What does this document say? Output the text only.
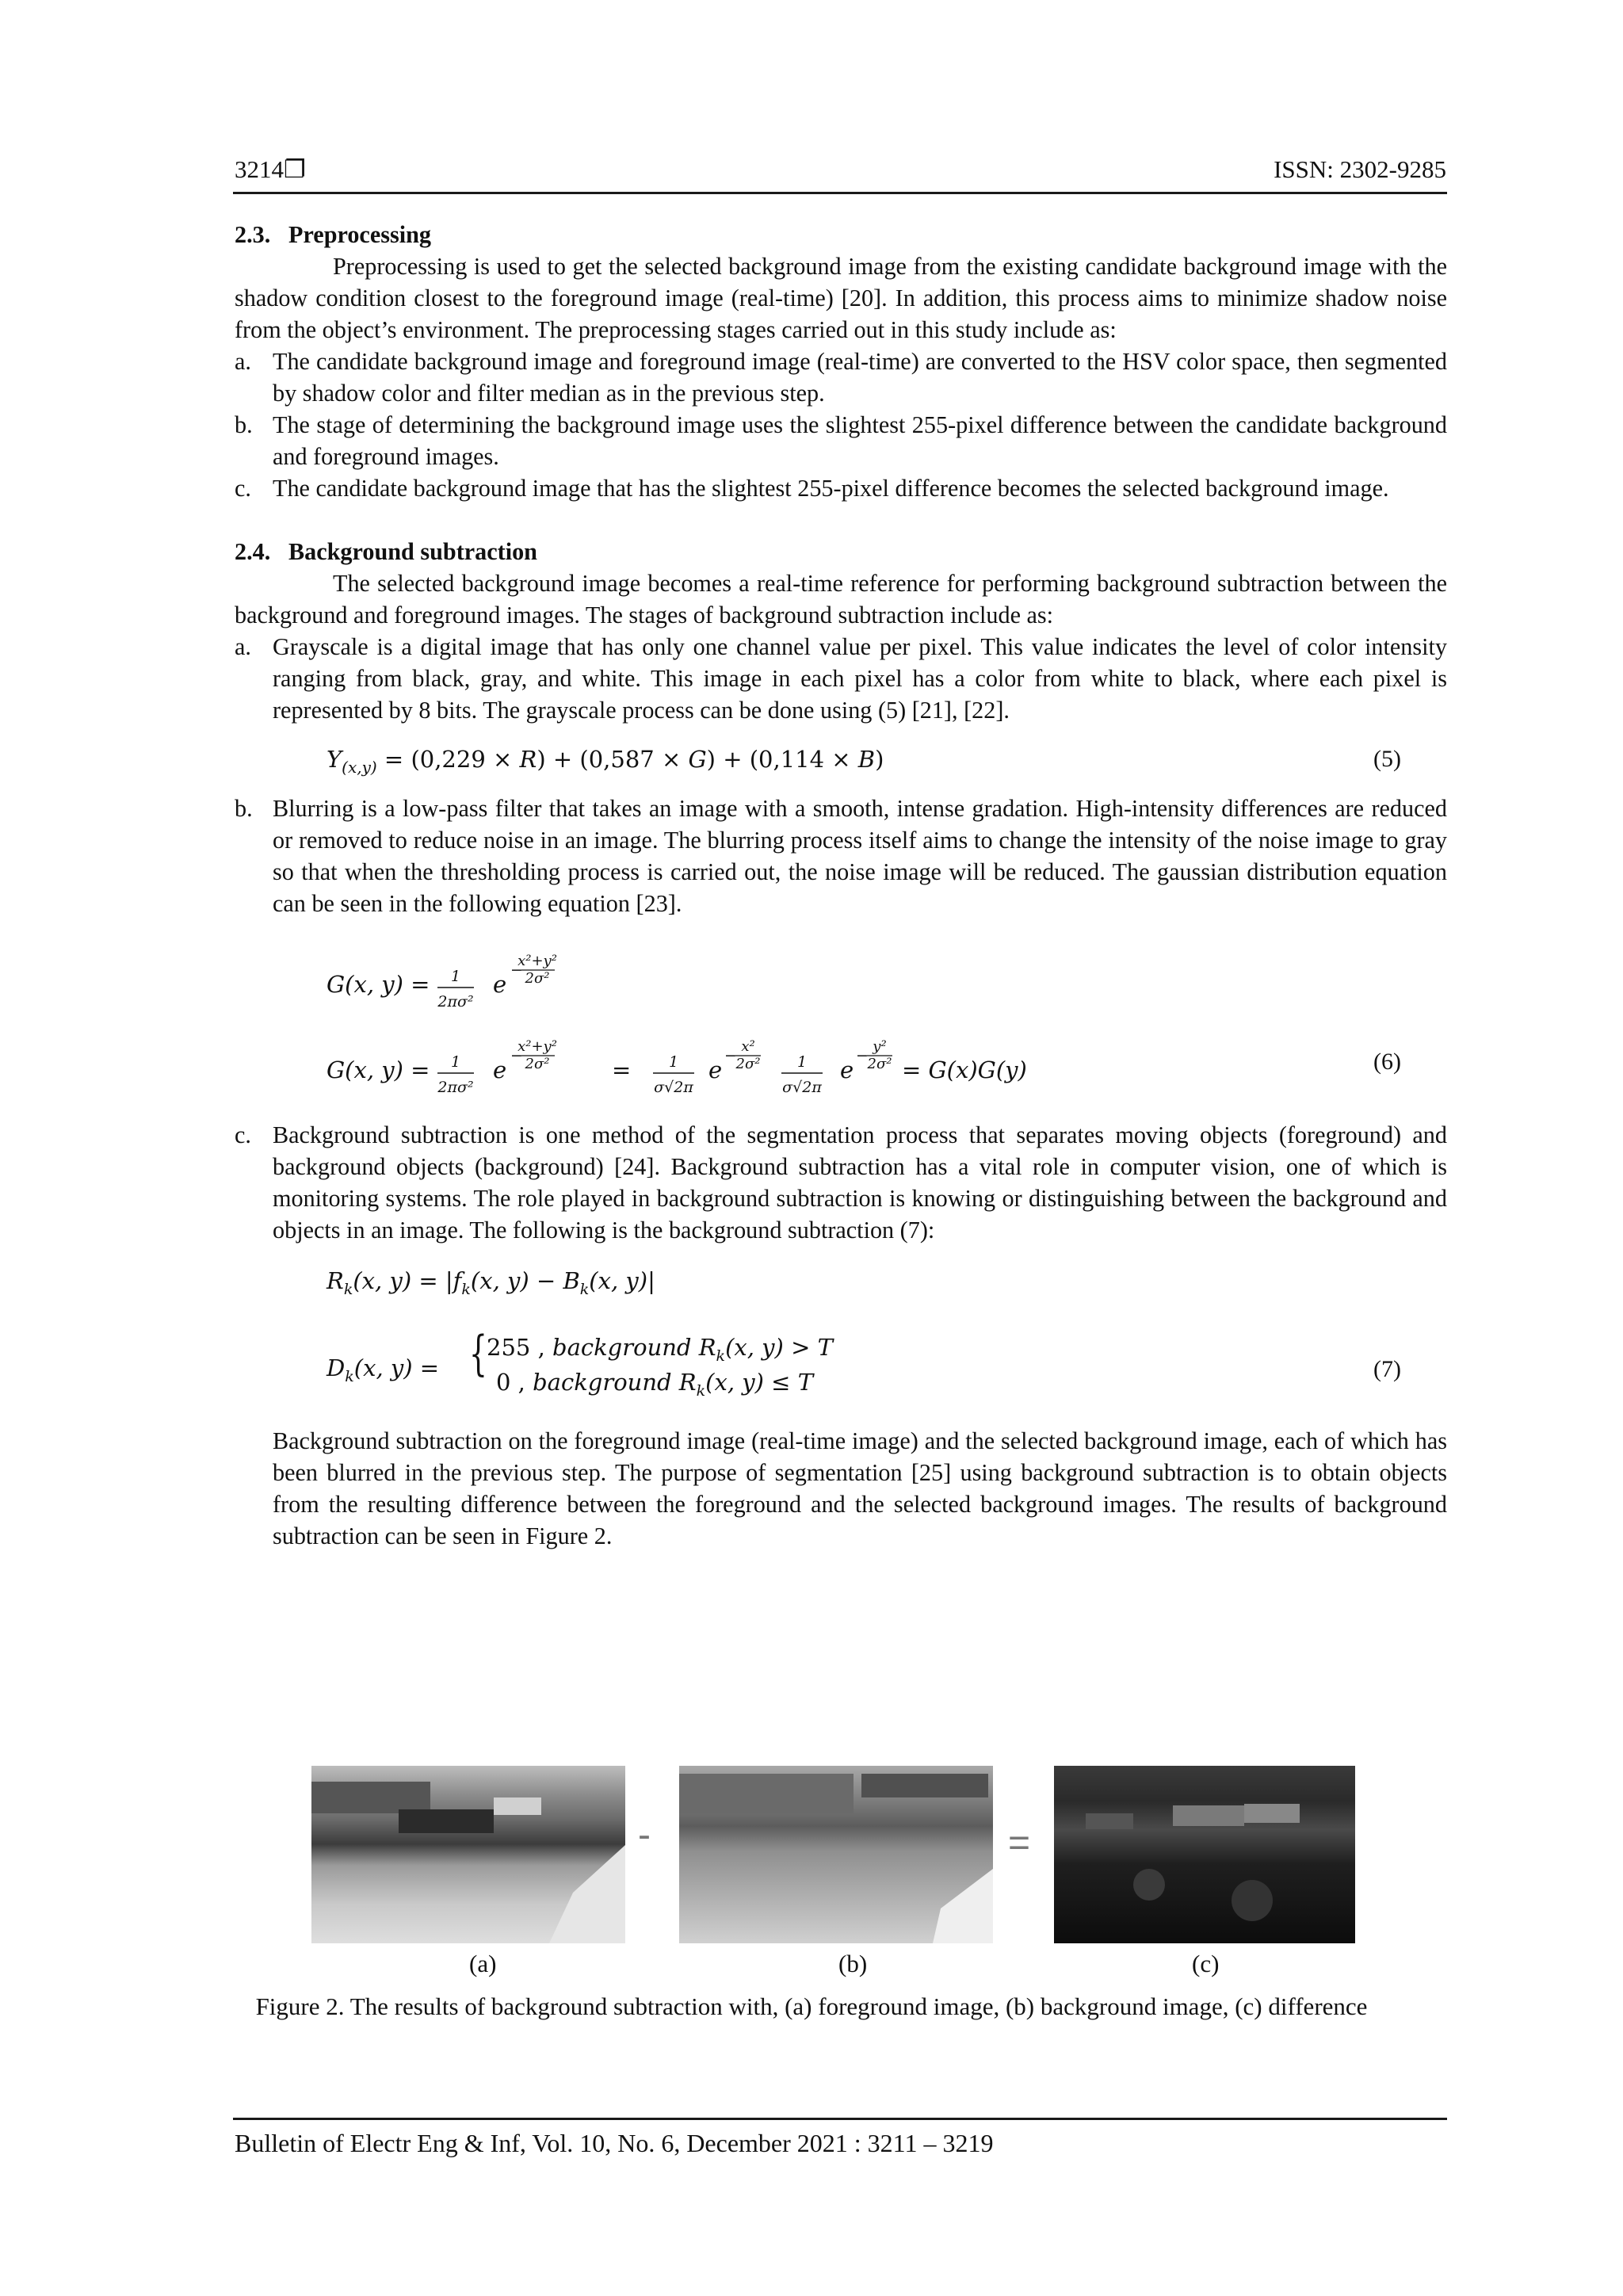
3214❐	ISSN: 2302-9285
2.3. Preprocessing

Preprocessing is used to get the selected background image from the existing candidate background image with the shadow condition closest to the foreground image (real-time) [20]. In addition, this process aims to minimize shadow noise from the object’s environment. The preprocessing stages carried out in this study include as:

a. The candidate background image and foreground image (real-time) are converted to the HSV color space, then segmented by shadow color and filter median as in the previous step.
b. The stage of determining the background image uses the slightest 255-pixel difference between the candidate background and foreground images.
c. The candidate background image that has the slightest 255-pixel difference becomes the selected background image.
2.4. Background subtraction

The selected background image becomes a real-time reference for performing background subtraction between the background and foreground images. The stages of background subtraction include as:

a. Grayscale is a digital image that has only one channel value per pixel. This value indicates the level of color intensity ranging from black, gray, and white. This image in each pixel has a color from white to black, where each pixel is represented by 8 bits. The grayscale process can be done using (5) [21], [22].
$Y_{(x,y)} = (0,229 \times R) + (0,587 \times G) + (0,114 \times B)$	(5)
b. Blurring is a low-pass filter that takes an image with a smooth, intense gradation. High-intensity differences are reduced or removed to reduce noise in an image. The blurring process itself aims to change the intensity of the noise image to gray so that when the thresholding process is carried out, the noise image will be reduced. The gaussian distribution equation can be seen in the following equation [23].
G(x, y) = 1
2πσ²
e
−
x²+y²
2σ²
G(x, y) = 1
2πσ²
e
−
x²+y²
2σ²	=	1
σ√2π
e
−
x²
2σ² 1
σ√2π
e
−
y²
2σ² = G(x)G(y)	(6)
c. Background subtraction is one method of the segmentation process that separates moving objects (foreground) and background objects (background) [24]. Background subtraction has a vital role in computer vision, one of which is monitoring systems. The role played in background subtraction is knowing or distinguishing between the background and objects in an image. The following is the background subtraction (7):
$R_k(x$, $y) = |f_k(x$, $y) - B_k(x$, y)|
$D_k(x$, y) = { 255 , background $R_k(x$, y) > T
0 , background $R_k(x$, y) ≤ T	(7)

Background subtraction on the foreground image (real-time image) and the selected background image, each of which has been blurred in the previous step. The purpose of segmentation [25] using background subtraction is to obtain objects from the resulting difference between the foreground and the selected background images. The results of background subtraction can be seen in Figure 2.

-	=
(a)	(b)	(c)
Figure 2. The results of background subtraction with, (a) foreground image, (b) background image, (c) difference
Bulletin of Electr Eng & Inf, Vol. 10, No. 6, December 2021 : 3211 – 3219
